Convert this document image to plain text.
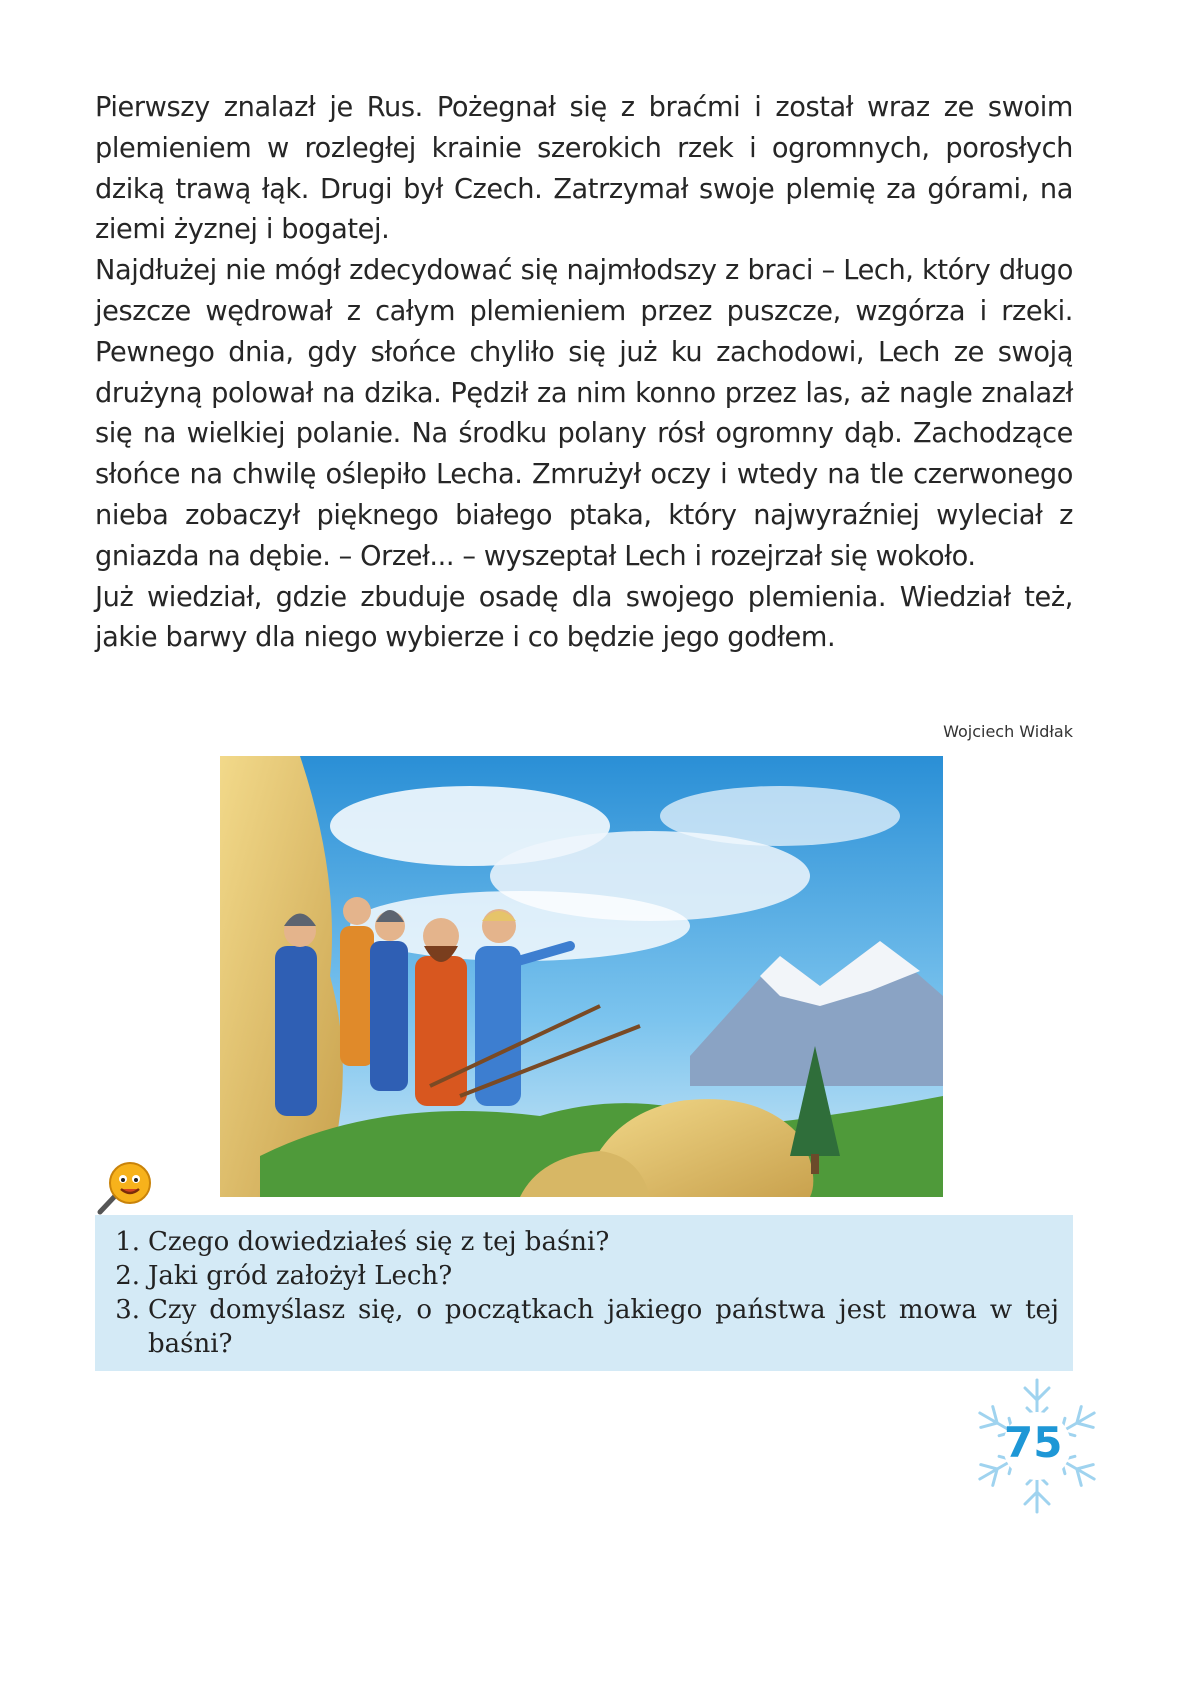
Pierwszy znalazł je Rus. Pożegnał się z braćmi i został wraz ze swoim plemieniem w rozległej krainie szerokich rzek i ogromnych, porosłych dziką trawą łąk. Drugi był Czech. Zatrzymał swoje plemię za górami, na ziemi żyznej i bogatej.

Najdłużej nie mógł zdecydować się najmłodszy z braci – Lech, który długo jeszcze wędrował z całym plemieniem przez puszcze, wzgórza i rzeki. Pewnego dnia, gdy słońce chyliło się już ku zachodowi, Lech ze swoją drużyną polował na dzika. Pędził za nim konno przez las, aż nagle znalazł się na wielkiej polanie. Na środku polany rósł ogromny dąb. Zachodzące słońce na chwilę oślepiło Lecha. Zmrużył oczy i wtedy na tle czerwonego nieba zobaczył pięknego białego ptaka, który najwyraźniej wyleciał z gniazda na dębie. – Orzeł... – wyszeptał Lech i rozejrzał się wokoło.

Już wiedział, gdzie zbuduje osadę dla swojego plemienia. Wiedział też, jakie barwy dla niego wybierze i co będzie jego godłem.

Wojciech Widłak
1. Czego dowiedziałeś się z tej baśni?
2. Jaki gród założył Lech?
3. Czy domyślasz się, o początkach jakiego państwa jest mowa w tej baśni?
75
